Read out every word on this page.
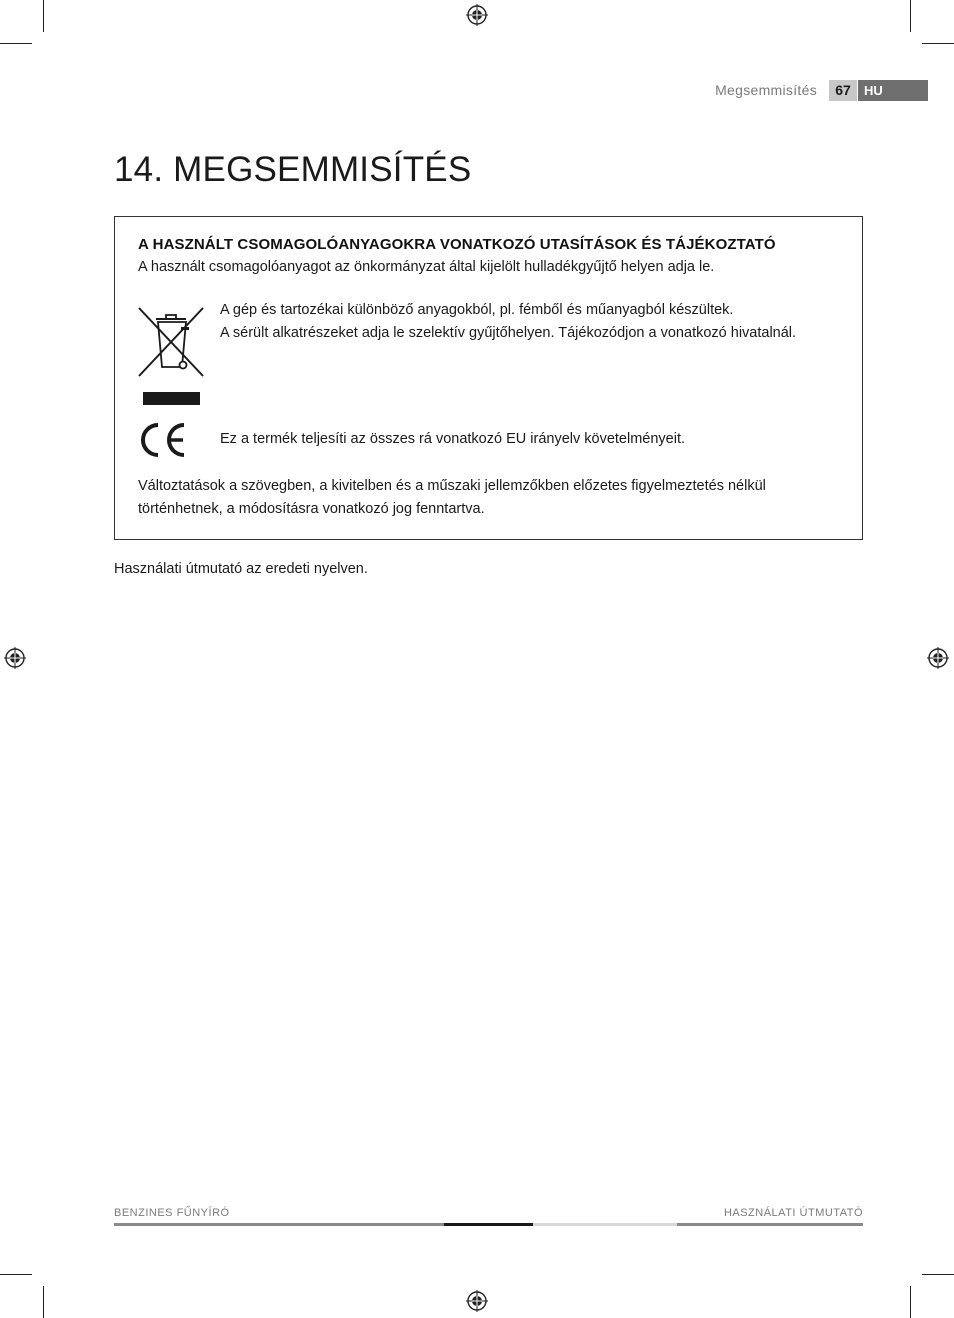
Megsemmisítés	67	HU
14. MEGSEMMISÍTÉS
A HASZNÁLT CSOMAGOLÓANYAGOKRA VONATKOZÓ UTASÍTÁSOK ÉS TÁJÉKOZTATÓ
A használt csomagolóanyagot az önkormányzat által kijelölt hulladékgyűjtő helyen adja le.
A gép és tartozékai különböző anyagokból, pl. fémből és műanyagból készültek.
A sérült alkatrészeket adja le szelektív gyűjtőhelyen. Tájékozódjon a vonatkozó hivatalnál.
Ez a termék teljesíti az összes rá vonatkozó EU irányelv követelményeit.
Változtatások a szövegben, a kivitelben és a műszaki jellemzőkben előzetes figyelmeztetés nélkül
történhetnek, a módosításra vonatkozó jog fenntartva.
Használati útmutató az eredeti nyelven.
BENZINES FŰNYÍRÓ	HASZNÁLATI ÚTMUTATÓ
